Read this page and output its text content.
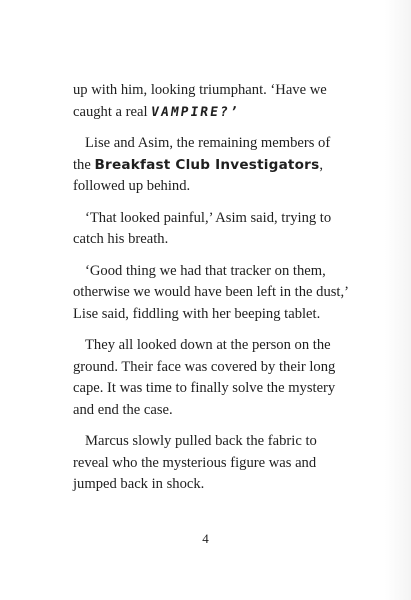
up with him, looking triumphant. ‘Have we caught a real VAMPIRE?’

Lise and Asim, the remaining members of the Breakfast Club Investigators, followed up behind.

‘That looked painful,’ Asim said, trying to catch his breath.

‘Good thing we had that tracker on them, otherwise we would have been left in the dust,’ Lise said, fiddling with her beeping tablet.

They all looked down at the person on the ground. Their face was covered by their long cape. It was time to finally solve the mystery and end the case.

Marcus slowly pulled back the fabric to reveal who the mysterious figure was and jumped back in shock.

4
